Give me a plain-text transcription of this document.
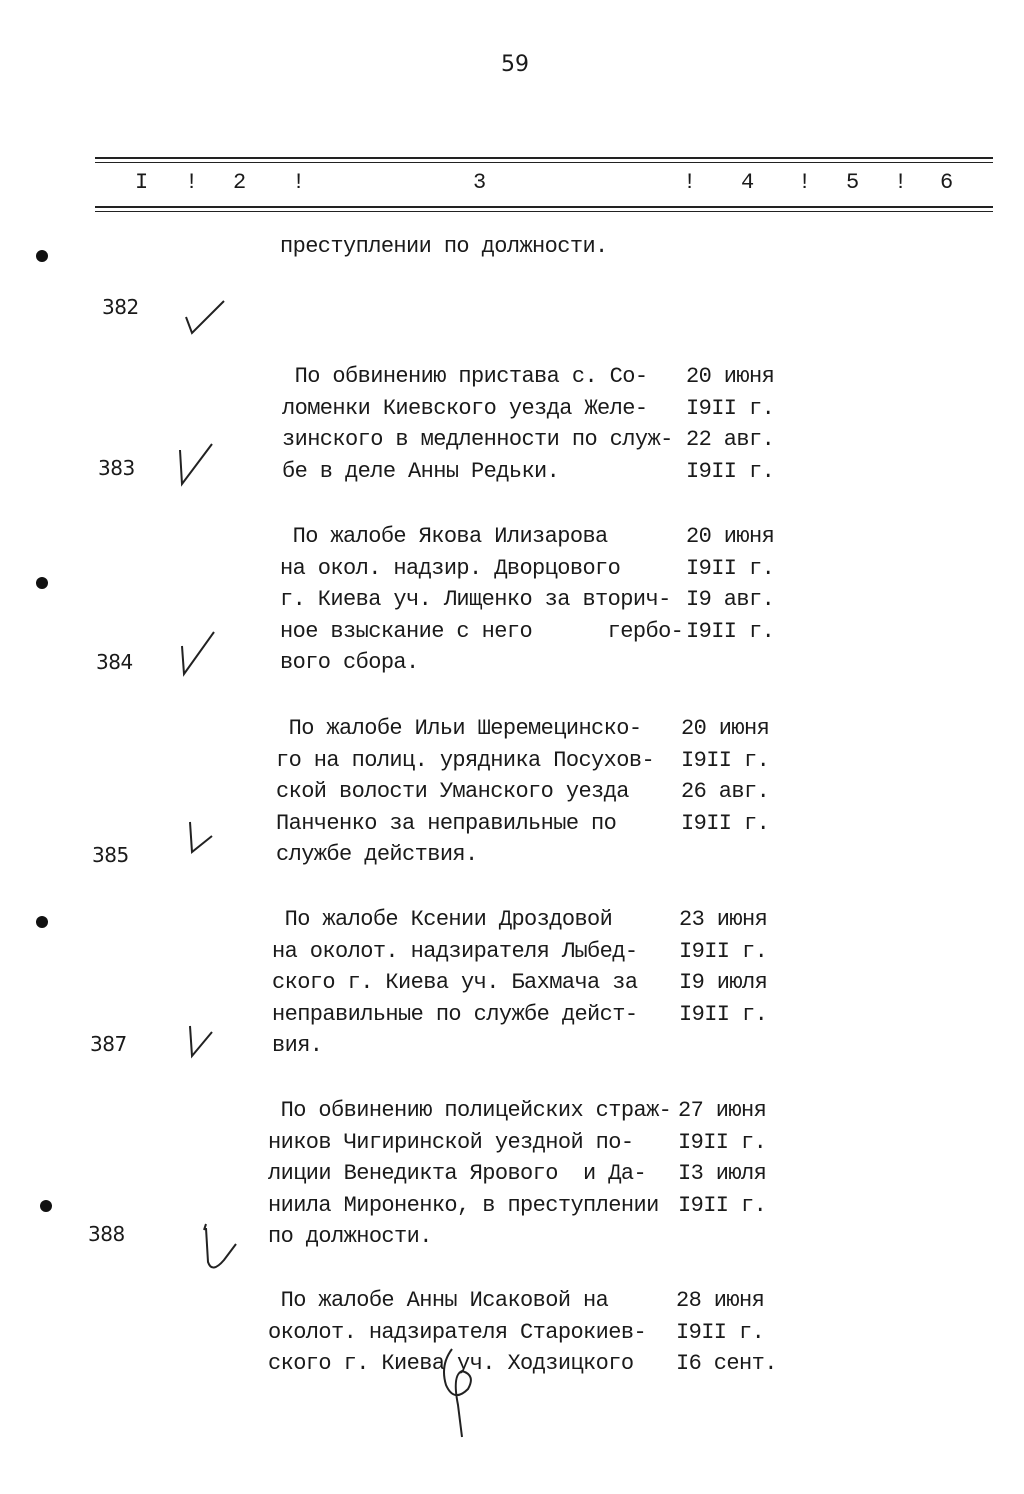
59
I ! 2 !	3	! 4 ! 5 ! 6
преступлении по должности.
382

По обвинению пристава с. Со-
ломенки Киевского уезда Желе-
зинского в медленности по служ-
бе в деле Анны Редьки.

20 июня
I9II г.
22 авг.
I9II г.

383

По жалобе Якова Илизарова
на окол. надзир. Дворцового
г. Киева уч. Лищенко за вторич-
ное взыскание с него      гербо-
вого сбора.

20 июня
I9II г.
I9 авг.
I9II г.

384

По жалобе Ильи Шеремецинско-
го на полиц. урядника Посухов-
ской волости Уманского уезда
Панченко за неправильные по
службе действия.

20 июня
I9II г.
26 авг.
I9II г.

385

По жалобе Ксении Дроздовой
на околот. надзирателя Лыбед-
ского г. Киева уч. Бахмача за
неправильные по службе дейст-
вия.

23 июня
I9II г.
I9 июля
I9II г.

387

По обвинению полицейских страж-
ников Чигиринской уездной по-
лиции Венедикта Ярового  и Да-
ниила Мироненко, в преступлении
по должности.

27 июня
I9II г.
I3 июля
I9II г.

388

По жалобе Анны Исаковой на
околот. надзирателя Старокиев-
ского г. Киева уч. Ходзицкого

28 июня
I9II г.
I6 сент.
